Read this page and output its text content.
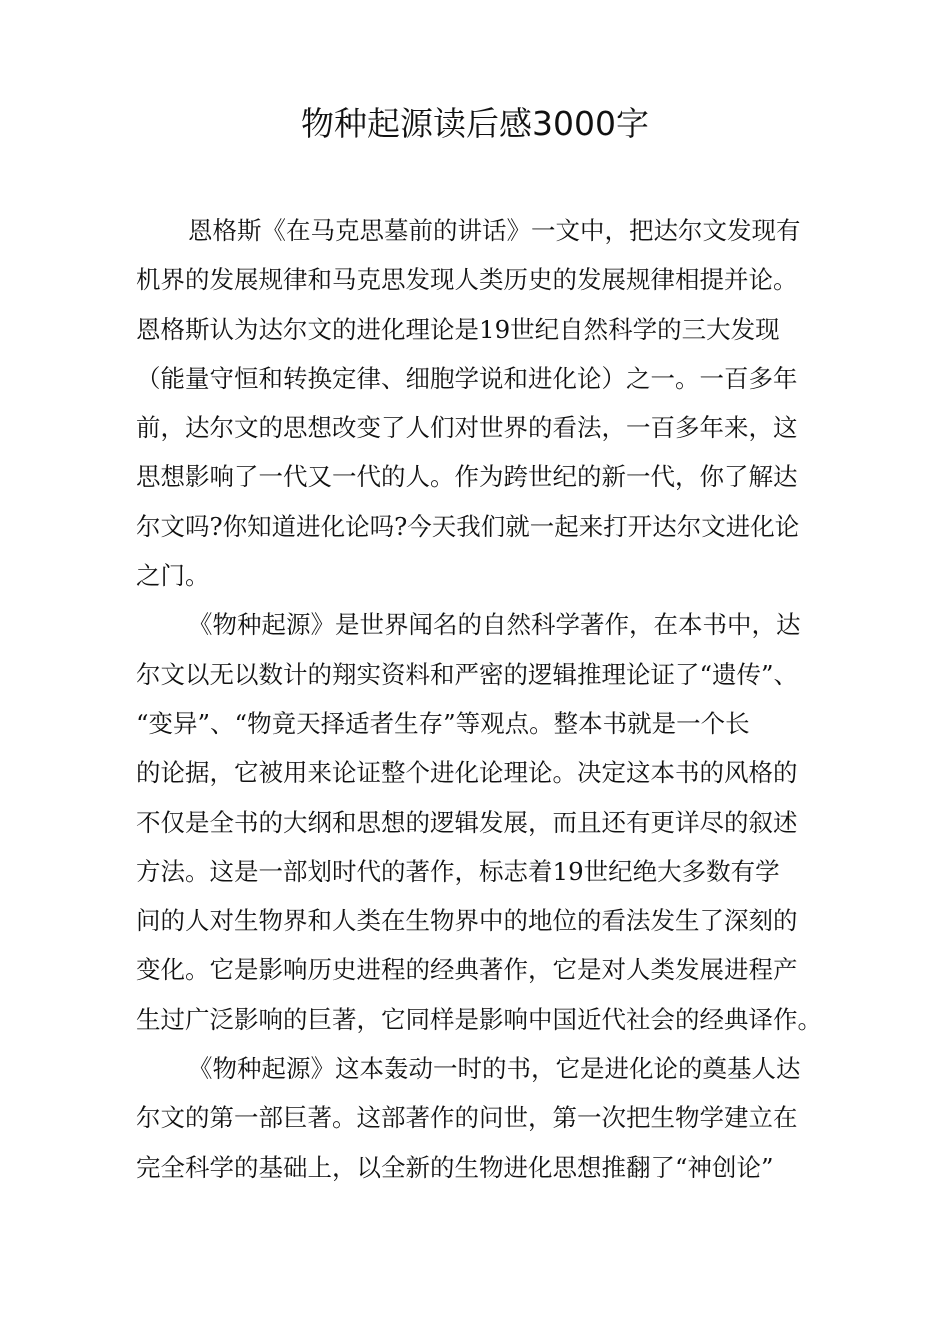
物种起源读后感3000字
恩格斯《在马克思墓前的讲话》一文中，把达尔文发现有
机界的发展规律和马克思发现人类历史的发展规律相提并论。
恩格斯认为达尔文的进化理论是19世纪自然科学的三大发现
（能量守恒和转换定律、细胞学说和进化论）之一。一百多年
前，达尔文的思想改变了人们对世界的看法，一百多年来，这
思想影响了一代又一代的人。作为跨世纪的新一代，你了解达
尔文吗?你知道进化论吗?今天我们就一起来打开达尔文进化论
之门。
《物种起源》是世界闻名的自然科学著作，在本书中，达
尔文以无以数计的翔实资料和严密的逻辑推理论证了“遗传”、
“变异”、“物竟天择适者生存”等观点。整本书就是一个长
的论据，它被用来论证整个进化论理论。决定这本书的风格的
不仅是全书的大纲和思想的逻辑发展，而且还有更详尽的叙述
方法。这是一部划时代的著作，标志着19世纪绝大多数有学
问的人对生物界和人类在生物界中的地位的看法发生了深刻的
变化。它是影响历史进程的经典著作，它是对人类发展进程产
生过广泛影响的巨著，它同样是影响中国近代社会的经典译作。
《物种起源》这本轰动一时的书，它是进化论的奠基人达
尔文的第一部巨著。这部著作的问世，第一次把生物学建立在
完全科学的基础上，以全新的生物进化思想推翻了“神创论”
